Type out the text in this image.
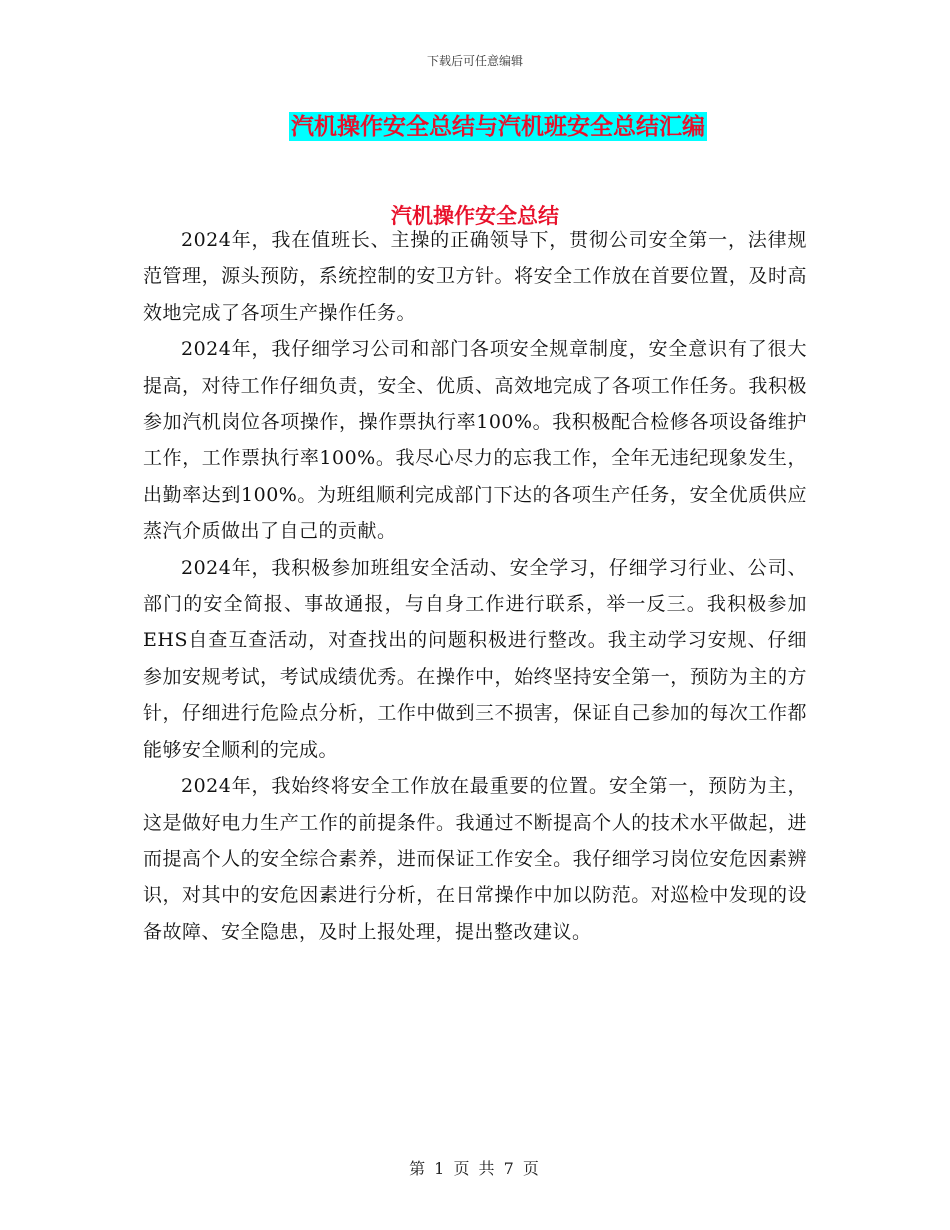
下载后可任意编辑
汽机操作安全总结与汽机班安全总结汇编
汽机操作安全总结

2024年，我在值班长、主操的正确领导下，贯彻公司安全第一，法律规范管理，源头预防，系统控制的安卫方针。将安全工作放在首要位置，及时高效地完成了各项生产操作任务。

2024年，我仔细学习公司和部门各项安全规章制度，安全意识有了很大提高，对待工作仔细负责，安全、优质、高效地完成了各项工作任务。我积极参加汽机岗位各项操作，操作票执行率100%。我积极配合检修各项设备维护工作，工作票执行率100%。我尽心尽力的忘我工作，全年无违纪现象发生，出勤率达到100%。为班组顺利完成部门下达的各项生产任务，安全优质供应蒸汽介质做出了自己的贡献。

2024年，我积极参加班组安全活动、安全学习，仔细学习行业、公司、部门的安全简报、事故通报，与自身工作进行联系，举一反三。我积极参加EHS自查互查活动，对查找出的问题积极进行整改。我主动学习安规、仔细参加安规考试，考试成绩优秀。在操作中，始终坚持安全第一，预防为主的方针，仔细进行危险点分析，工作中做到三不损害，保证自己参加的每次工作都能够安全顺利的完成。

2024年，我始终将安全工作放在最重要的位置。安全第一，预防为主，这是做好电力生产工作的前提条件。我通过不断提高个人的技术水平做起，进而提高个人的安全综合素养，进而保证工作安全。我仔细学习岗位安危因素辨识，对其中的安危因素进行分析，在日常操作中加以防范。对巡检中发现的设备故障、安全隐患，及时上报处理，提出整改建议。

第 1 页 共 7 页
